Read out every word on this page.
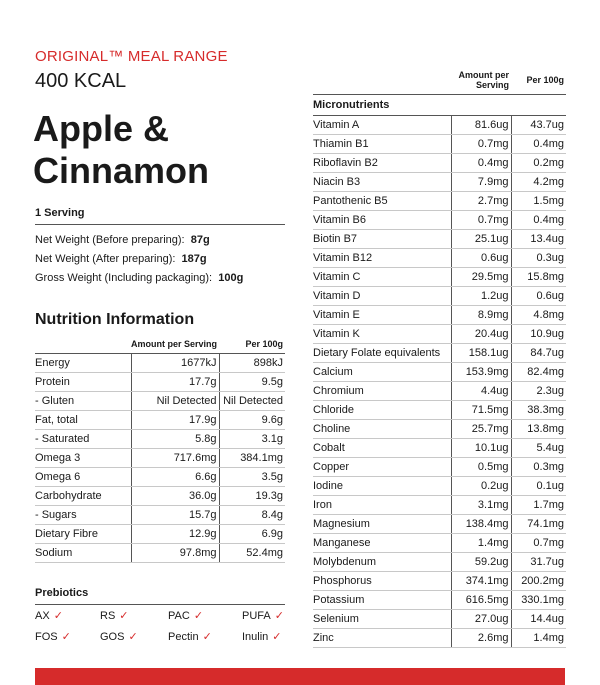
ORIGINAL™ MEAL RANGE
400 KCAL
Apple &
Cinnamon
1 Serving
Net Weight (Before preparing): 87g
Net Weight (After preparing): 187g
Gross Weight (Including packaging): 100g
Nutrition Information
	Amount per Serving	Per 100g
Energy	1677kJ	898kJ
Protein	17.7g	9.5g
- Gluten	Nil Detected	Nil Detected
Fat, total	17.9g	9.6g
- Saturated	5.8g	3.1g
Omega 3	717.6mg	384.1mg
Omega 6	6.6g	3.5g
Carbohydrate	36.0g	19.3g
- Sugars	15.7g	8.4g
Dietary Fibre	12.9g	6.9g
Sodium	97.8mg	52.4mg
	Amount per Serving	Per 100g
Micronutrients		
Vitamin A	81.6ug	43.7ug
Thiamin B1	0.7mg	0.4mg
Riboflavin B2	0.4mg	0.2mg
Niacin B3	7.9mg	4.2mg
Pantothenic B5	2.7mg	1.5mg
Vitamin B6	0.7mg	0.4mg
Biotin B7	25.1ug	13.4ug
Vitamin B12	0.6ug	0.3ug
Vitamin C	29.5mg	15.8mg
Vitamin D	1.2ug	0.6ug
Vitamin E	8.9mg	4.8mg
Vitamin K	20.4ug	10.9ug
Dietary Folate equivalents	158.1ug	84.7ug
Calcium	153.9mg	82.4mg
Chromium	4.4ug	2.3ug
Chloride	71.5mg	38.3mg
Choline	25.7mg	13.8mg
Cobalt	10.1ug	5.4ug
Copper	0.5mg	0.3mg
Iodine	0.2ug	0.1ug
Iron	3.1mg	1.7mg
Magnesium	138.4mg	74.1mg
Manganese	1.4mg	0.7mg
Molybdenum	59.2ug	31.7ug
Phosphorus	374.1mg	200.2mg
Potassium	616.5mg	330.1mg
Selenium	27.0ug	14.4ug
Zinc	2.6mg	1.4mg
Prebiotics
AX ✓	RS ✓	PAC ✓	PUFA ✓
FOS ✓	GOS ✓	Pectin ✓	Inulin ✓
